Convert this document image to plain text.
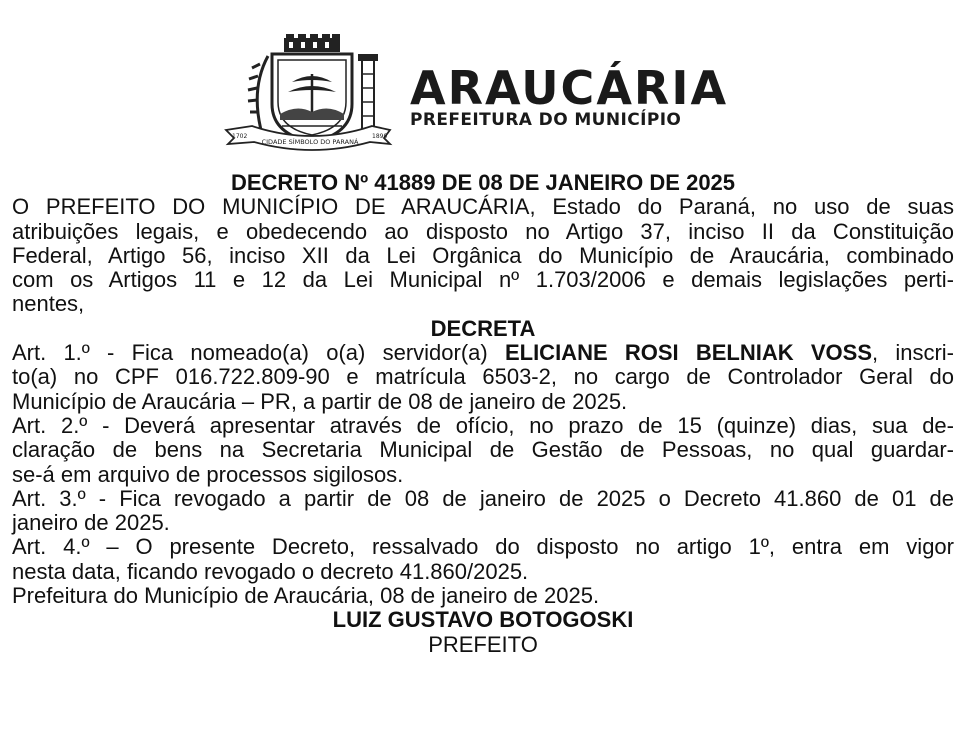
1702	1890
CIDADE SÍMBOLO DO PARANÁ
ARAUCÁRIA
PREFEITURA DO MUNICÍPIO

DECRETO Nº 41889 DE 08 DE JANEIRO DE 2025

O PREFEITO DO MUNICÍPIO DE ARAUCÁRIA, Estado do Paraná, no uso de suas

atribuições legais, e obedecendo ao disposto no Artigo 37, inciso II da Constituição

Federal, Artigo 56, inciso XII da Lei Orgânica do Município de Araucária, combinado

com os Artigos 11 e 12 da Lei Municipal nº 1.703/2006 e demais legislações perti-

nentes,

DECRETA

Art. 1.º - Fica nomeado(a) o(a) servidor(a) ELICIANE ROSI BELNIAK VOSS, inscri-

to(a) no CPF 016.722.809-90 e matrícula 6503-2, no cargo de Controlador Geral do

Município de Araucária – PR, a partir de 08 de janeiro de 2025.

Art. 2.º - Deverá apresentar através de ofício, no prazo de 15 (quinze) dias, sua de-

claração de bens na Secretaria Municipal de Gestão de Pessoas, no qual guardar-

se-á em arquivo de processos sigilosos.

Art. 3.º - Fica revogado a partir de 08 de janeiro de 2025 o Decreto 41.860 de 01 de

janeiro de 2025.

Art. 4.º – O presente Decreto, ressalvado do disposto no artigo 1º, entra em vigor

nesta data, ficando revogado o decreto 41.860/2025.

Prefeitura do Município de Araucária, 08 de janeiro de 2025.

LUIZ GUSTAVO BOTOGOSKI

PREFEITO
